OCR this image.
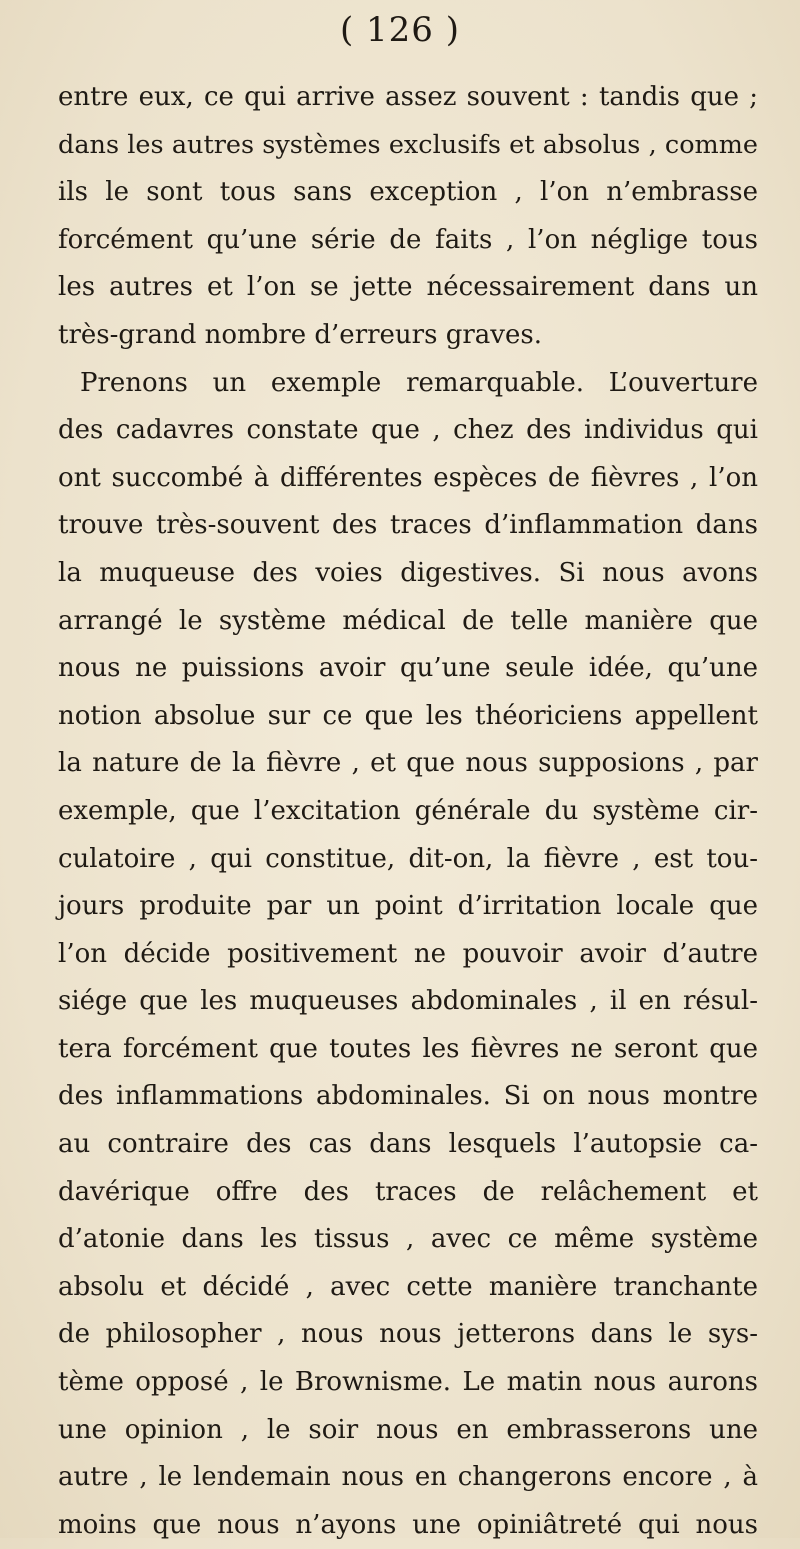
( 126 )
entre eux, ce qui arrive assez souvent : tandis que ;
dans les autres systèmes exclusifs et absolus , comme
ils le sont tous sans exception , l’on n’embrasse
forcément qu’une série de faits , l’on néglige tous
les autres et l’on se jette nécessairement dans un
très-grand nombre d’erreurs graves.
Prenons un exemple remarquable. L’ouverture
des cadavres constate que , chez des individus qui
ont succombé à différentes espèces de fièvres , l’on
trouve très-souvent des traces d’inflammation dans
la muqueuse des voies digestives. Si nous avons
arrangé le système médical de telle manière que
nous ne puissions avoir qu’une seule idée, qu’une
notion absolue sur ce que les théoriciens appellent
la nature de la fièvre , et que nous supposions , par
exemple, que l’excitation générale du système cir-
culatoire , qui constitue, dit-on, la fièvre , est tou-
jours produite par un point d’irritation locale que
l’on décide positivement ne pouvoir avoir d’autre
siége que les muqueuses abdominales , il en résul-
tera forcément que toutes les fièvres ne seront que
des inflammations abdominales. Si on nous montre
au contraire des cas dans lesquels l’autopsie ca-
davérique offre des traces de relâchement et
d’atonie dans les tissus , avec ce même système
absolu et décidé , avec cette manière tranchante
de philosopher , nous nous jetterons dans le sys-
tème opposé , le Brownisme. Le matin nous aurons
une opinion , le soir nous en embrasserons une
autre , le lendemain nous en changerons encore , à
moins que nous n’ayons une opiniâtreté qui nous
